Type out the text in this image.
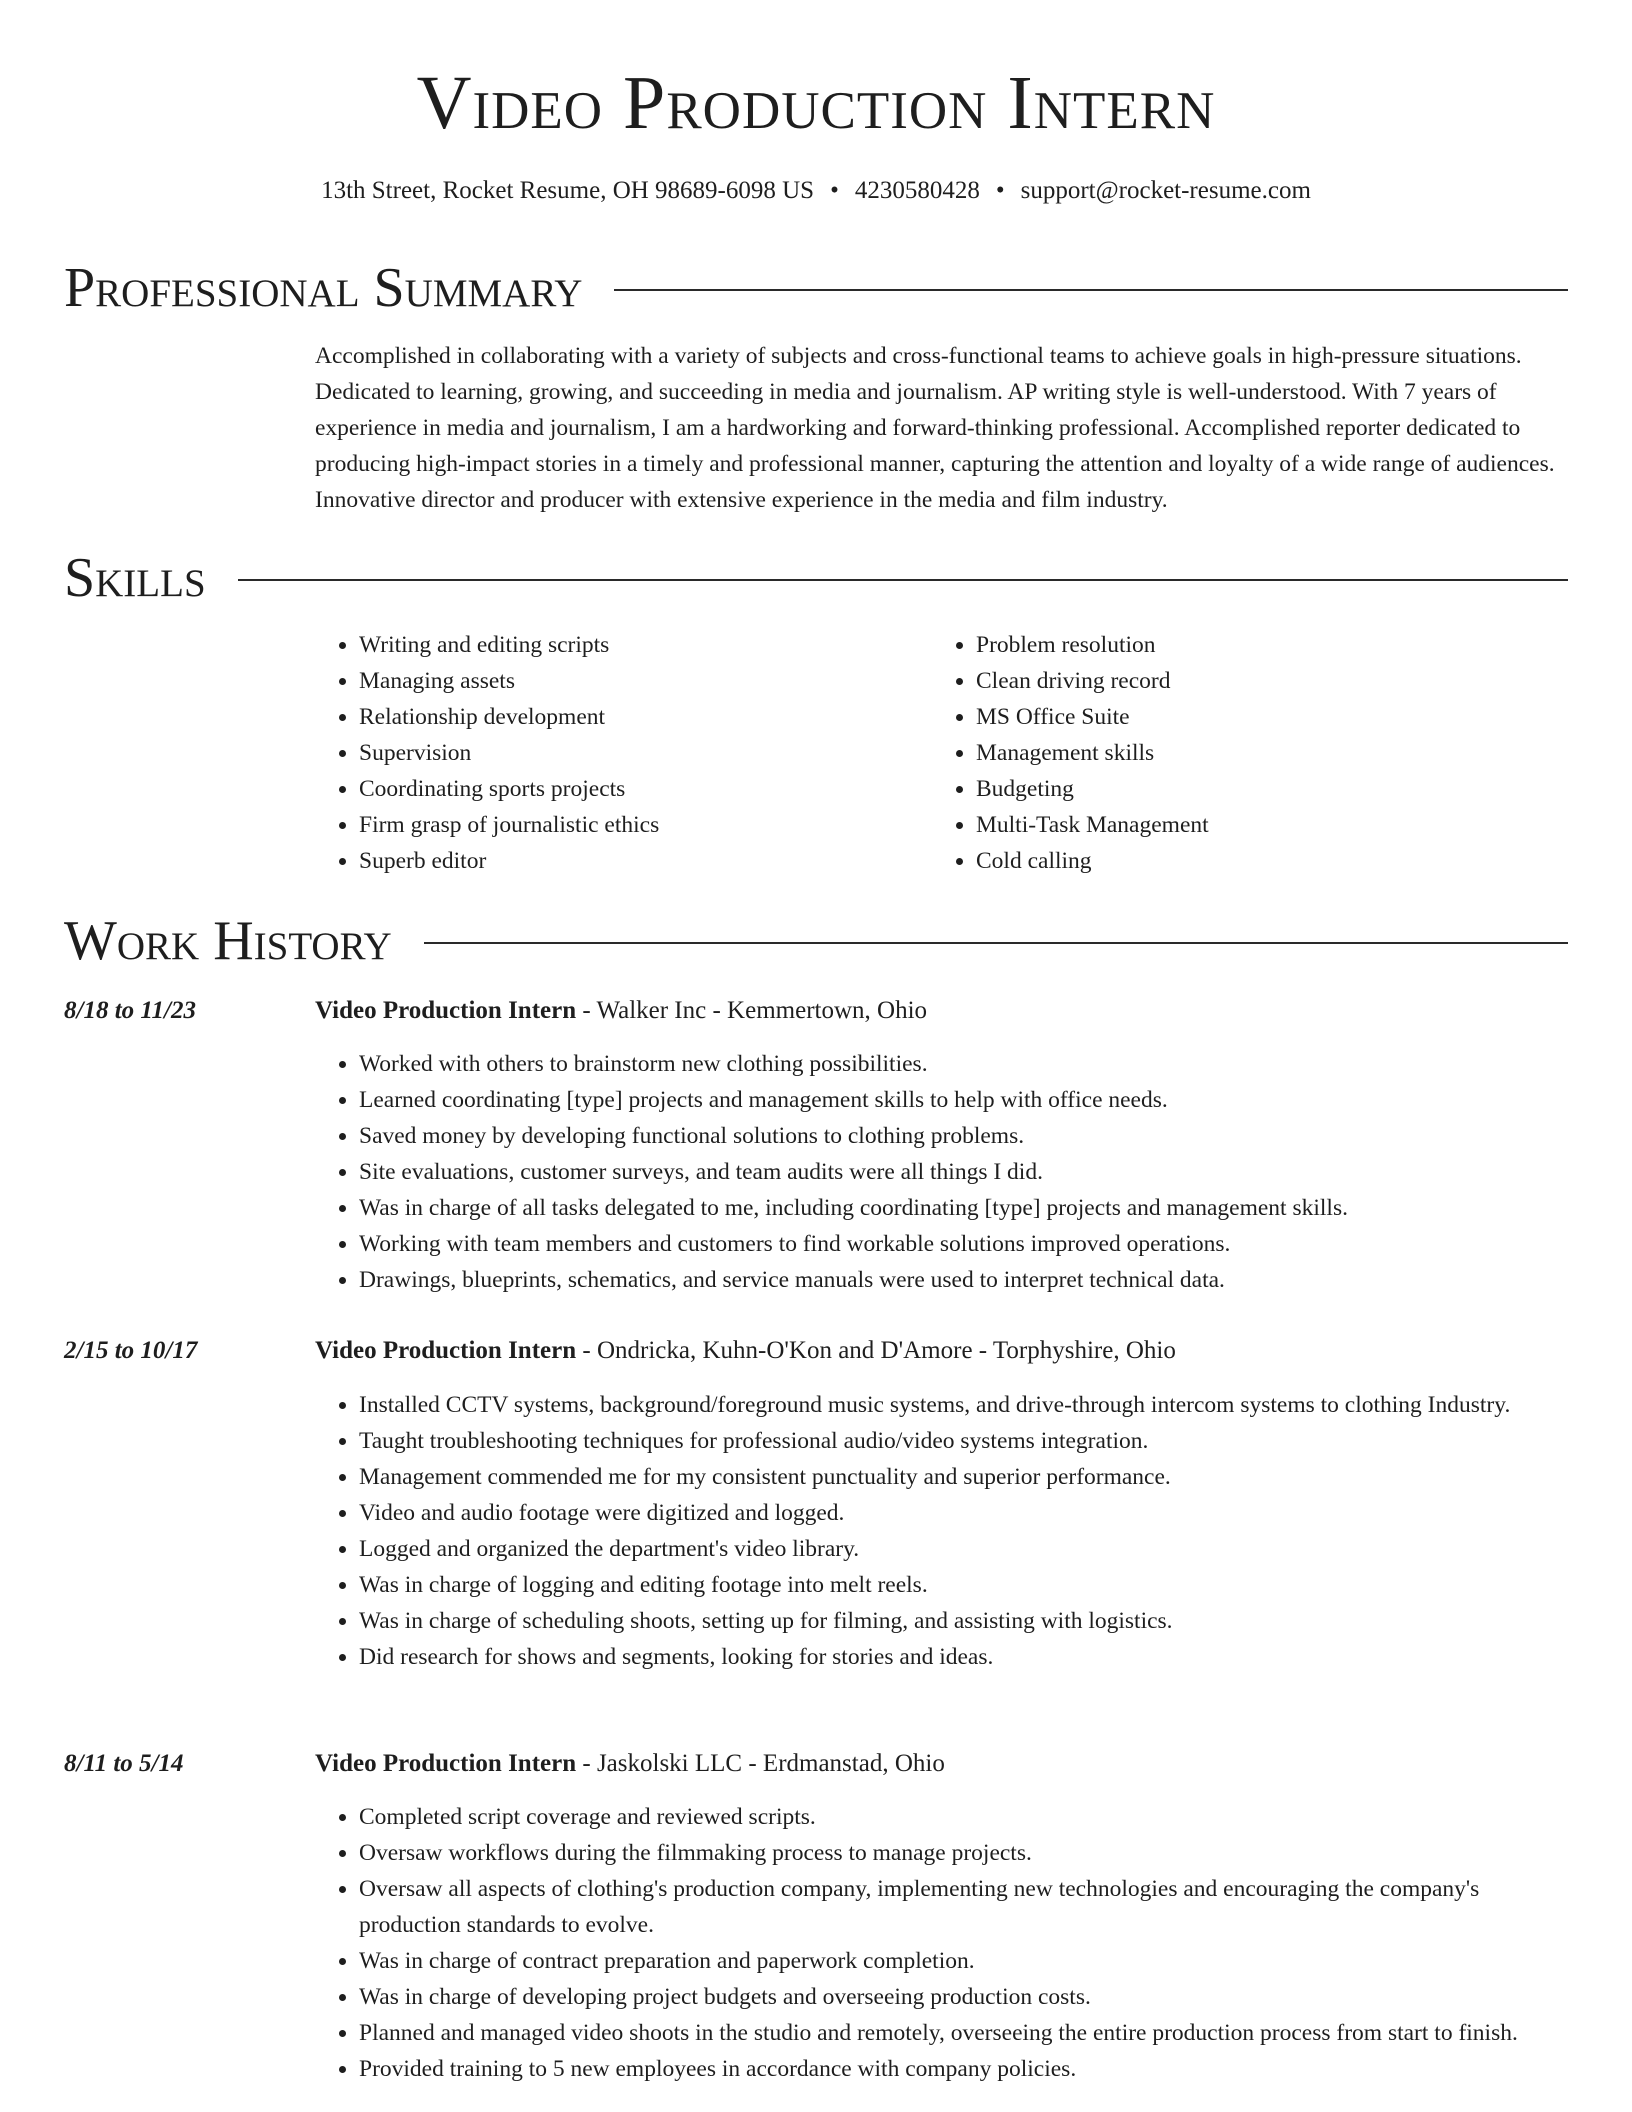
Video Production Intern
13th Street, Rocket Resume, OH 98689-6098 US • 4230580428 • support@rocket-resume.com
Professional Summary
Accomplished in collaborating with a variety of subjects and cross-functional teams to achieve goals in high-pressure situations. Dedicated to learning, growing, and succeeding in media and journalism. AP writing style is well-understood. With 7 years of experience in media and journalism, I am a hardworking and forward-thinking professional. Accomplished reporter dedicated to producing high-impact stories in a timely and professional manner, capturing the attention and loyalty of a wide range of audiences. Innovative director and producer with extensive experience in the media and film industry.
Skills
• Writing and editing scripts
• Managing assets
• Relationship development
• Supervision
• Coordinating sports projects
• Firm grasp of journalistic ethics
• Superb editor
• Problem resolution
• Clean driving record
• MS Office Suite
• Management skills
• Budgeting
• Multi-Task Management
• Cold calling
Work History
8/18 to 11/23	Video Production Intern - Walker Inc - Kemmertown, Ohio
• Worked with others to brainstorm new clothing possibilities.
• Learned coordinating [type] projects and management skills to help with office needs.
• Saved money by developing functional solutions to clothing problems.
• Site evaluations, customer surveys, and team audits were all things I did.
• Was in charge of all tasks delegated to me, including coordinating [type] projects and management skills.
• Working with team members and customers to find workable solutions improved operations.
• Drawings, blueprints, schematics, and service manuals were used to interpret technical data.
2/15 to 10/17	Video Production Intern - Ondricka, Kuhn-O'Kon and D'Amore - Torphyshire, Ohio
• Installed CCTV systems, background/foreground music systems, and drive-through intercom systems to clothing Industry.
• Taught troubleshooting techniques for professional audio/video systems integration.
• Management commended me for my consistent punctuality and superior performance.
• Video and audio footage were digitized and logged.
• Logged and organized the department's video library.
• Was in charge of logging and editing footage into melt reels.
• Was in charge of scheduling shoots, setting up for filming, and assisting with logistics.
• Did research for shows and segments, looking for stories and ideas.
8/11 to 5/14	Video Production Intern - Jaskolski LLC - Erdmanstad, Ohio
• Completed script coverage and reviewed scripts.
• Oversaw workflows during the filmmaking process to manage projects.
• Oversaw all aspects of clothing's production company, implementing new technologies and encouraging the company's production standards to evolve.
• Was in charge of contract preparation and paperwork completion.
• Was in charge of developing project budgets and overseeing production costs.
• Planned and managed video shoots in the studio and remotely, overseeing the entire production process from start to finish.
• Provided training to 5 new employees in accordance with company policies.
